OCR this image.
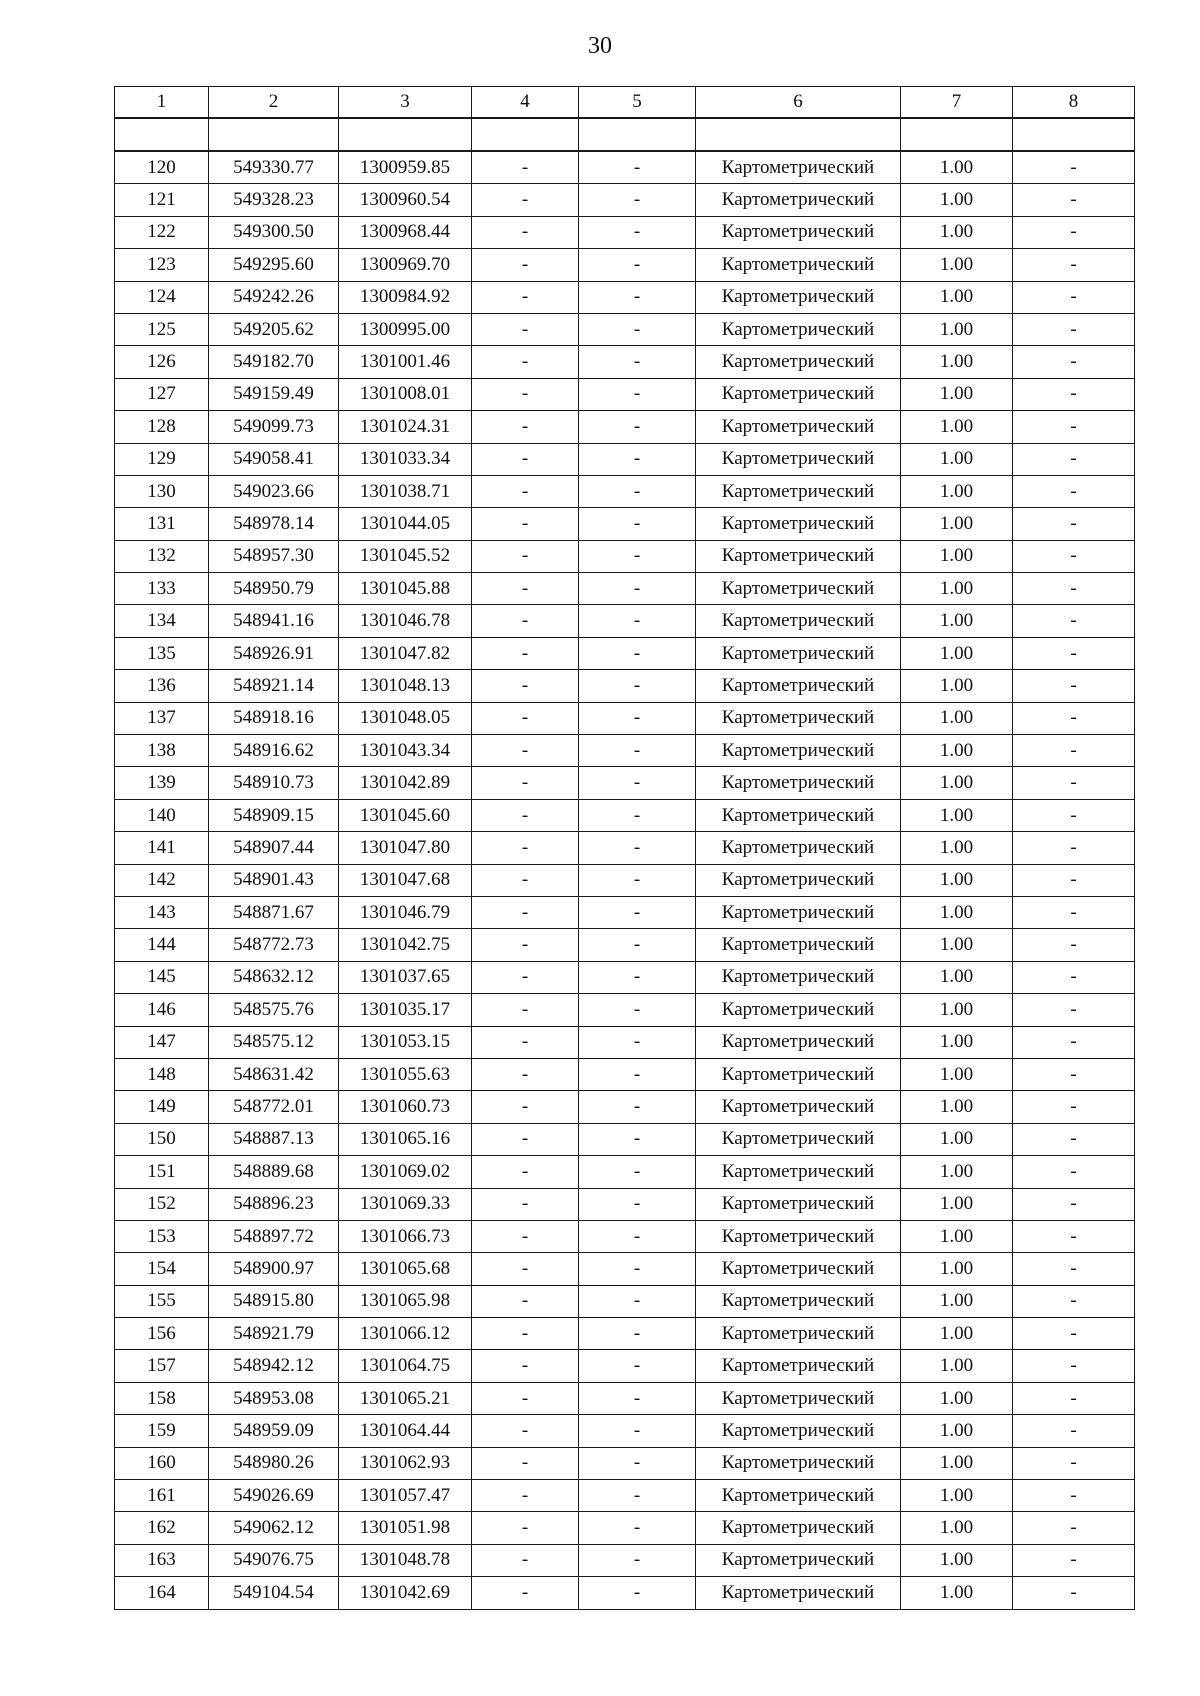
30
1	2	3	4	5	6	7	8

120	549330.77	1300959.85	-	-	Картометрический	1.00	-
121	549328.23	1300960.54	-	-	Картометрический	1.00	-
122	549300.50	1300968.44	-	-	Картометрический	1.00	-
123	549295.60	1300969.70	-	-	Картометрический	1.00	-
124	549242.26	1300984.92	-	-	Картометрический	1.00	-
125	549205.62	1300995.00	-	-	Картометрический	1.00	-
126	549182.70	1301001.46	-	-	Картометрический	1.00	-
127	549159.49	1301008.01	-	-	Картометрический	1.00	-
128	549099.73	1301024.31	-	-	Картометрический	1.00	-
129	549058.41	1301033.34	-	-	Картометрический	1.00	-
130	549023.66	1301038.71	-	-	Картометрический	1.00	-
131	548978.14	1301044.05	-	-	Картометрический	1.00	-
132	548957.30	1301045.52	-	-	Картометрический	1.00	-
133	548950.79	1301045.88	-	-	Картометрический	1.00	-
134	548941.16	1301046.78	-	-	Картометрический	1.00	-
135	548926.91	1301047.82	-	-	Картометрический	1.00	-
136	548921.14	1301048.13	-	-	Картометрический	1.00	-
137	548918.16	1301048.05	-	-	Картометрический	1.00	-
138	548916.62	1301043.34	-	-	Картометрический	1.00	-
139	548910.73	1301042.89	-	-	Картометрический	1.00	-
140	548909.15	1301045.60	-	-	Картометрический	1.00	-
141	548907.44	1301047.80	-	-	Картометрический	1.00	-
142	548901.43	1301047.68	-	-	Картометрический	1.00	-
143	548871.67	1301046.79	-	-	Картометрический	1.00	-
144	548772.73	1301042.75	-	-	Картометрический	1.00	-
145	548632.12	1301037.65	-	-	Картометрический	1.00	-
146	548575.76	1301035.17	-	-	Картометрический	1.00	-
147	548575.12	1301053.15	-	-	Картометрический	1.00	-
148	548631.42	1301055.63	-	-	Картометрический	1.00	-
149	548772.01	1301060.73	-	-	Картометрический	1.00	-
150	548887.13	1301065.16	-	-	Картометрический	1.00	-
151	548889.68	1301069.02	-	-	Картометрический	1.00	-
152	548896.23	1301069.33	-	-	Картометрический	1.00	-
153	548897.72	1301066.73	-	-	Картометрический	1.00	-
154	548900.97	1301065.68	-	-	Картометрический	1.00	-
155	548915.80	1301065.98	-	-	Картометрический	1.00	-
156	548921.79	1301066.12	-	-	Картометрический	1.00	-
157	548942.12	1301064.75	-	-	Картометрический	1.00	-
158	548953.08	1301065.21	-	-	Картометрический	1.00	-
159	548959.09	1301064.44	-	-	Картометрический	1.00	-
160	548980.26	1301062.93	-	-	Картометрический	1.00	-
161	549026.69	1301057.47	-	-	Картометрический	1.00	-
162	549062.12	1301051.98	-	-	Картометрический	1.00	-
163	549076.75	1301048.78	-	-	Картометрический	1.00	-
164	549104.54	1301042.69	-	-	Картометрический	1.00	-
